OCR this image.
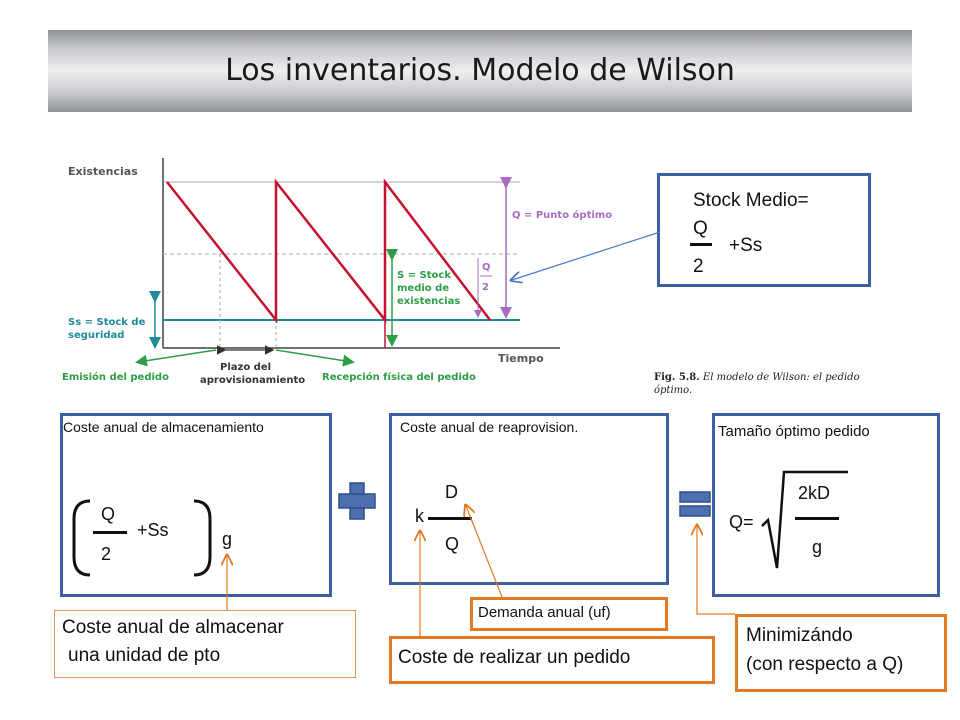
Los inventarios. Modelo de Wilson
Existencias
Tiempo
Q = Punto óptimo
Q
2
S = Stock
medio de
existencias
Ss = Stock de
seguridad
Emisión del pedido
Plazo del
aprovisionamiento Recepción física del pedido	Fig. 5.8. El modelo de Wilson: el pedido
óptimo.
Stock Medio=
Q
+Ss
2
Coste anual de almacenamiento
Q
+Ss
2
g
Coste anual de reaprovision.
D
k
Q
Tamaño óptimo pedido
Q=
2kD
g
Coste anual de almacenar
una unidad de pto
Demanda anual (uf)
Coste de realizar un pedido
Minimizándo
(con respecto a Q)
